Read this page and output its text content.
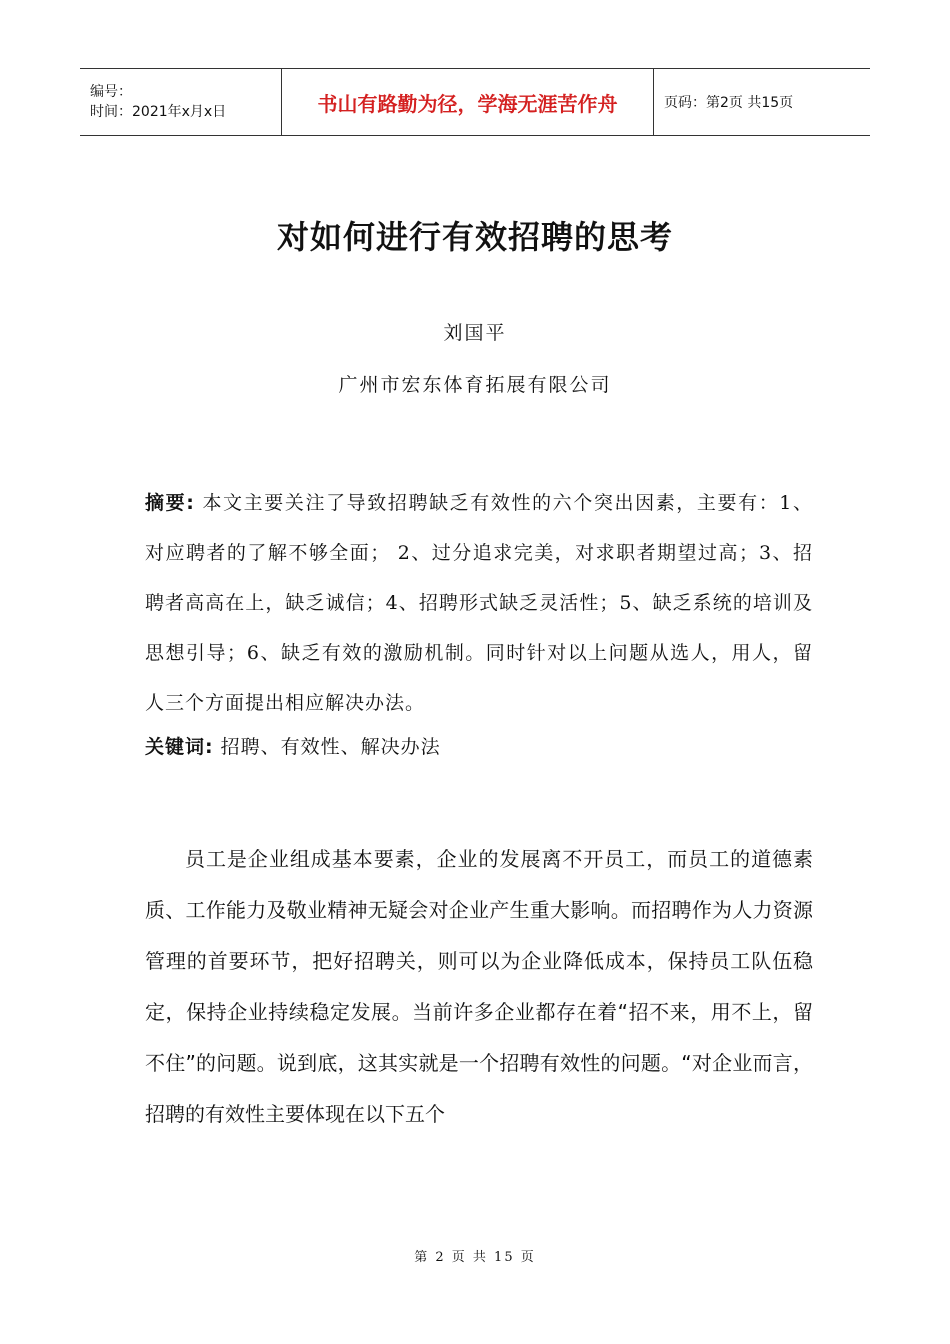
编号：
时间：2021年x月x日	书山有路勤为径，学海无涯苦作舟	页码：第2页 共15页
对如何进行有效招聘的思考
刘国平
广州市宏东体育拓展有限公司
摘要: 本文主要关注了导致招聘缺乏有效性的六个突出因素，主要有：1、对应聘者的了解不够全面； 2、过分追求完美，对求职者期望过高；3、招聘者高高在上，缺乏诚信；4、招聘形式缺乏灵活性；5、缺乏系统的培训及思想引导；6、缺乏有效的激励机制。同时针对以上问题从选人，用人，留人三个方面提出相应解决办法。
关键词: 招聘、有效性、解决办法
员工是企业组成基本要素，企业的发展离不开员工，而员工的道德素质、工作能力及敬业精神无疑会对企业产生重大影响。而招聘作为人力资源管理的首要环节，把好招聘关，则可以为企业降低成本，保持员工队伍稳定，保持企业持续稳定发展。当前许多企业都存在着“招不来，用不上，留不住”的问题。说到底，这其实就是一个招聘有效性的问题。“对企业而言，招聘的有效性主要体现在以下五个
第 2 页 共 15 页
